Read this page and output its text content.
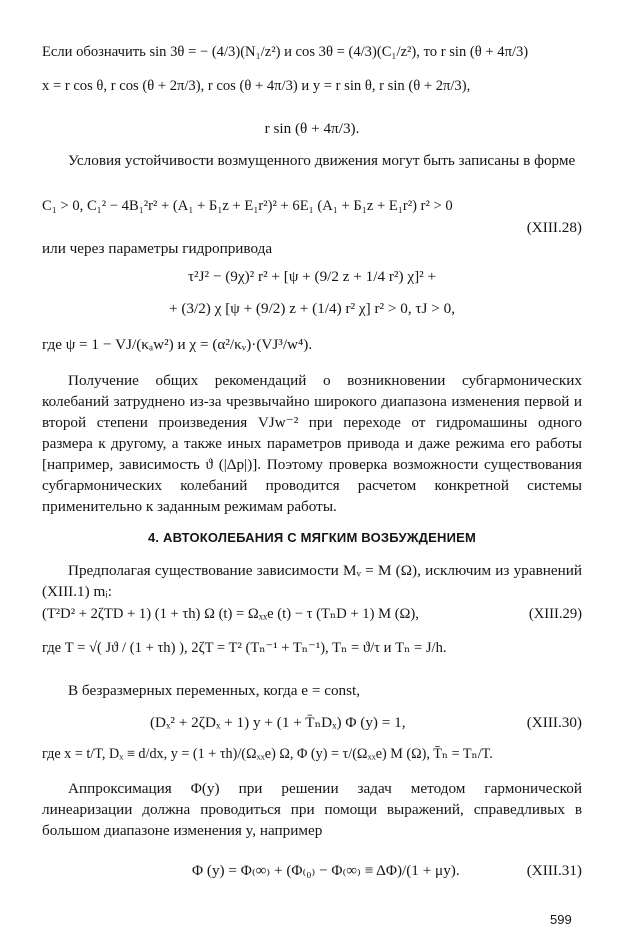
Если обозначить sin 3θ = − (4/3)(N₁/z²) и cos 3θ = (4/3)(C₁/z²), то r sin (θ + 4π/3)
x = r cos θ, r cos (θ + 2π/3), r cos (θ + 4π/3) и y = r sin θ, r sin (θ + 2π/3),
r sin (θ + 4π/3).
Условия устойчивости возмущенного движения могут быть записаны в форме
C₁ > 0, C₁² − 4B₁²r² + (A₁ + Б₁z + E₁r²)² + 6E₁ (A₁ + Б₁z + E₁r²) r² > 0
(XIII.28)
или через параметры гидропривода
τ²J² − (9χ)² r² + [ψ + (9/2 z + 1/4 r²) χ]² +
+ (3/2) χ [ψ + (9/2) z + (1/4) r² χ] r² > 0, τJ > 0,
где ψ = 1 − VJ/(κₐw²) и χ = (α²/κᵥ)·(VJ³/w⁴).
Получение общих рекомендаций о возникновении субгармонических колебаний затруднено из-за чрезвычайно широкого диапазона изменения первой и второй степени произведения VJw⁻² при переходе от гидромашины одного размера к другому, а также иных параметров привода и даже режима его работы [например, зависимость ϑ (|Δp|)]. Поэтому проверка возможности существования субгармонических колебаний проводится расчетом конкретной системы применительно к заданным режимам работы.
4. АВТОКОЛЕБАНИЯ С МЯГКИМ ВОЗБУЖДЕНИЕМ
Предполагая существование зависимости Mᵥ = M (Ω), исключим из уравнений (XIII.1) mᵢ:
(T²D² + 2ζTD + 1) (1 + τh) Ω (t) = Ωₓₓe (t) − τ (TₙD + 1) M (Ω),	(XIII.29)
где T = √( Jϑ / (1 + τh) ), 2ζT = T² (Tₙ⁻¹ + Tₙ⁻¹), Tₙ = ϑ/τ и Tₙ = J/h.
В безразмерных переменных, когда e = const,
(Dₓ² + 2ζDₓ + 1) y + (1 + T̄ₙDₓ) Φ (y) = 1,	(XIII.30)
где x = t/T, Dₓ ≡ d/dx, y = (1 + τh)/(Ωₓₓe) Ω, Φ (y) = τ/(Ωₓₓe) M (Ω), T̄ₙ = Tₙ/T.
Аппроксимация Φ(y) при решении задач методом гармонической линеаризации должна проводиться при помощи выражений, справедливых в большом диапазоне изменения y, например
Φ (y) = Φ₍∞₎ + (Φ₍₀₎ − Φ₍∞₎ ≡ ΔΦ)/(1 + μy).	(XIII.31)
599
